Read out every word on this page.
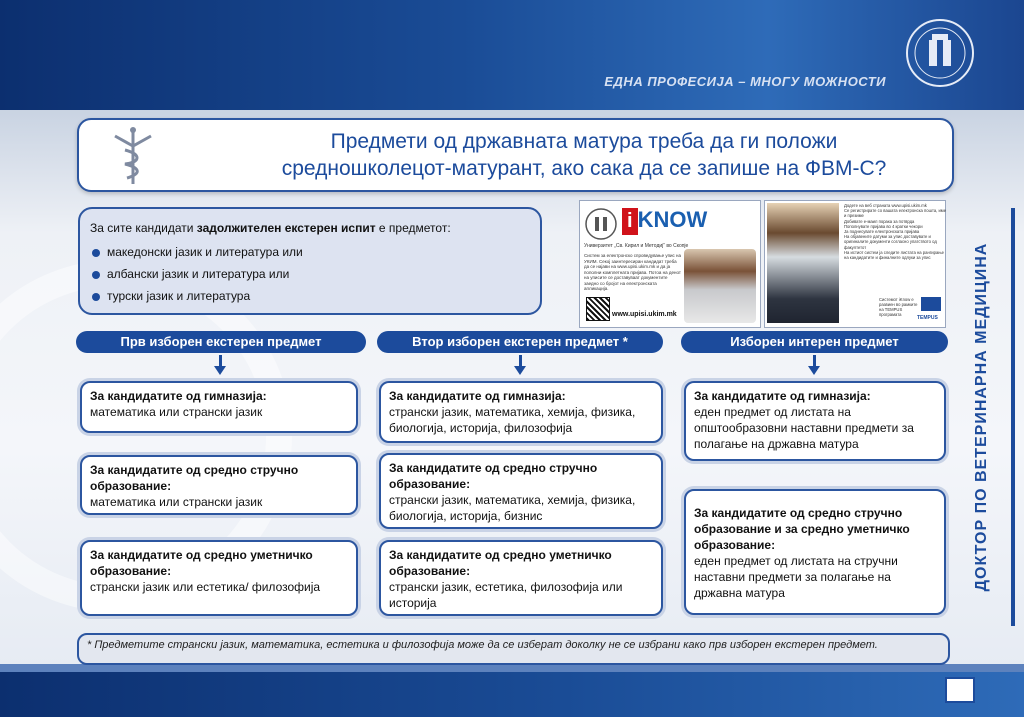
ЕДНА ПРОФЕСИЈА – МНОГУ МОЖНОСТИ
Предмети од државната матура треба да ги положи
средношколецот-матурант, ако сака да се запише на ФВМ-С?
За сите кандидати задолжителен екстерен испит е предметот:
македонски јазик и литература или
албански јазик и литература или
турски јазик и литература
i KNOW
Универзитет „Св. Кирил и Методиј“ во Скопје
Систем за електронско спроведување упис на УКИМ. Секој заинтересиран кандидат треба да се најави на www.upisi.ukim.mk и да ја пополни комплетната пријава. Потоа на денот на уписите се доставуваат документите заедно со бројот на електронската апликација.
www.upisi.ukim.mk
Додете на веб страната www.upisi.ukim.mk
Се регистрирате со вашата електронска пошта, име и презиме
Добивате е-маил порака за потврда
Пополнувате пријава во 4 кратки чекори
Ја поднесувате електронската пријава
На објавените датуми за упис доставувате и оригиналите документи согласно упатството од факултетот
На истиот систем ја следите листата на рангирање на кандидатите и финалните одлуки за упис
Системот iKnow е развиен во рамките на TEMPUS програмата
TEMPUS ДОКТОР ПО ВЕТЕРИНАРНА МЕДИЦИНА
Прв изборен екстерен предмет	Втор изборен екстерен предмет *	Изборен интерен предмет
За кандидатите од гимназија:
математика или странски јазик
За кандидатите од средно стручно образование:
математика или странски јазик
За кандидатите од средно уметничко образование:
странски јазик или естетика/ филозофија
За кандидатите од гимназија:
странски јазик, математика, хемија, физика, биологија, историја, филозофија
За кандидатите од средно стручно образование:
странски јазик, математика, хемија, физика, биологија, историја, бизнис
За кандидатите од средно уметничко образование:
странски јазик, естетика, филозофија или историја
За кандидатите од гимназија:
еден предмет од листата на општообразовни наставни предмети за полагање на државна матура
За кандидатите од средно стручно образование и за средно уметничко образование:
еден предмет од листата на стручни наставни предмети за полагање на државна матура
* Предметите странски јазик, математика, естетика и филозофија може да се изберат доколку не се избрани како прв изборен екстерен предмет.
